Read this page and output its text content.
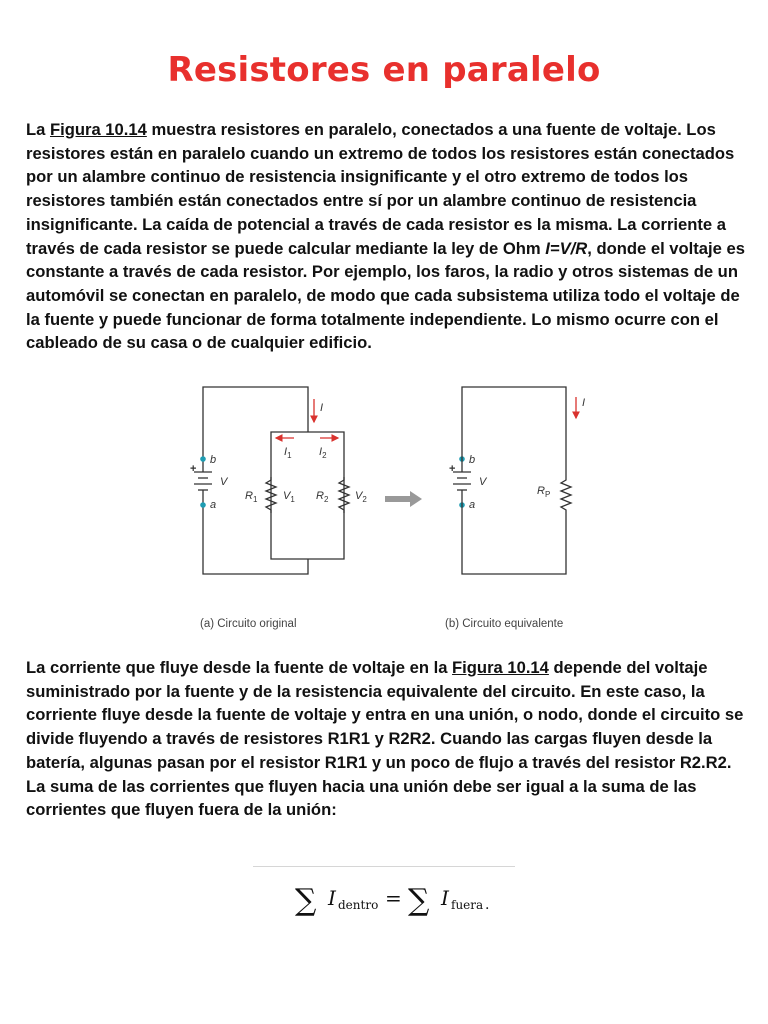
Resistores en paralelo

La Figura 10.14 muestra resistores en paralelo, conectados a una fuente de voltaje. Los resistores están en paralelo cuando un extremo de todos los resistores están conectados por un alambre continuo de resistencia insignificante y el otro extremo de todos los resistores también están conectados entre sí por un alambre continuo de resistencia insignificante. La caída de potencial a través de cada resistor es la misma. La corriente a través de cada resistor se puede calcular mediante la ley de Ohm I=V/R, donde el voltaje es constante a través de cada resistor. Por ejemplo, los faros, la radio y otros sistemas de un automóvil se conectan en paralelo, de modo que cada subsistema utiliza todo el voltaje de la fuente y puede funcionar de forma totalmente independiente. Lo mismo ocurre con el cableado de su casa o de cualquier edificio.

b
a
V
I
$I_1$ $I_2$
$R_1$ $V_1$ $R_2$ $V_2$
b
a
V
I
$R_P$
+	+
(a) Circuito original	(b) Circuito equivalente

La corriente que fluye desde la fuente de voltaje en la Figura 10.14 depende del voltaje suministrado por la fuente y de la resistencia equivalente del circuito. En este caso, la corriente fluye desde la fuente de voltaje y entra en una unión, o nodo, donde el circuito se divide fluyendo a través de resistores R1R1 y R2R2. Cuando las cargas fluyen desde la batería, algunas pasan por el resistor R1R1 y un poco de flujo a través del resistor R2.R2. La suma de las corrientes que fluyen hacia una unión debe ser igual a la suma de las corrientes que fluyen fuera de la unión:

∑ I dentro = ∑ I fuera .
